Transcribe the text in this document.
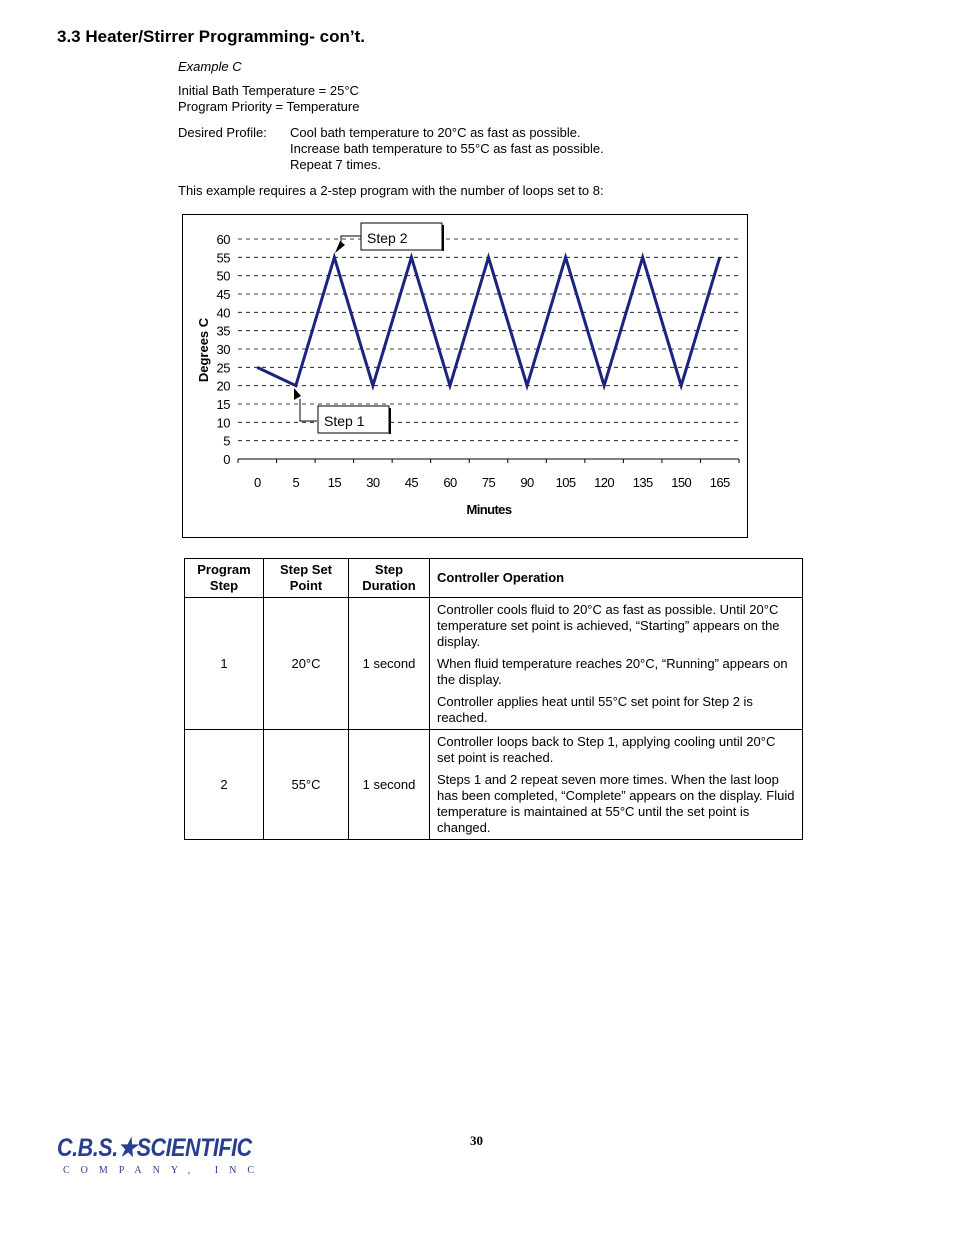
3.3 Heater/Stirrer Programming- con’t.
Example C
Initial Bath Temperature = 25°C
Program Priority = Temperature
Desired Profile: Cool bath temperature to 20°C as fast as possible.
Increase bath temperature to 55°C as fast as possible.
Repeat 7 times.
This example requires a 2-step program with the number of loops set to 8:
0
5
10
15
20
25
30
35
40
45
50
55
60
0 5 15 30 45 60 75 90 105 120 135 150 165
Degrees C
Minutes
Step 2
Step 1
Program Step	Step Set Point	Step Duration	Controller Operation
1	20°C	1 second	Controller cools fluid to 20°C as fast as possible. Until 20°C temperature set point is achieved, “Starting” appears on the display.

When fluid temperature reaches 20°C, “Running” appears on the display.

Controller applies heat until 55°C set point for Step 2 is reached.

2	55°C	1 second	Controller loops back to Step 1, applying cooling until 20°C set point is reached.

Steps 1 and 2 repeat seven more times. When the last loop has been completed, “Complete” appears on the display. Fluid temperature is maintained at 55°C until the set point is changed.

C.B.S.★SCIENTIFIC
COMPANY, INC
30
